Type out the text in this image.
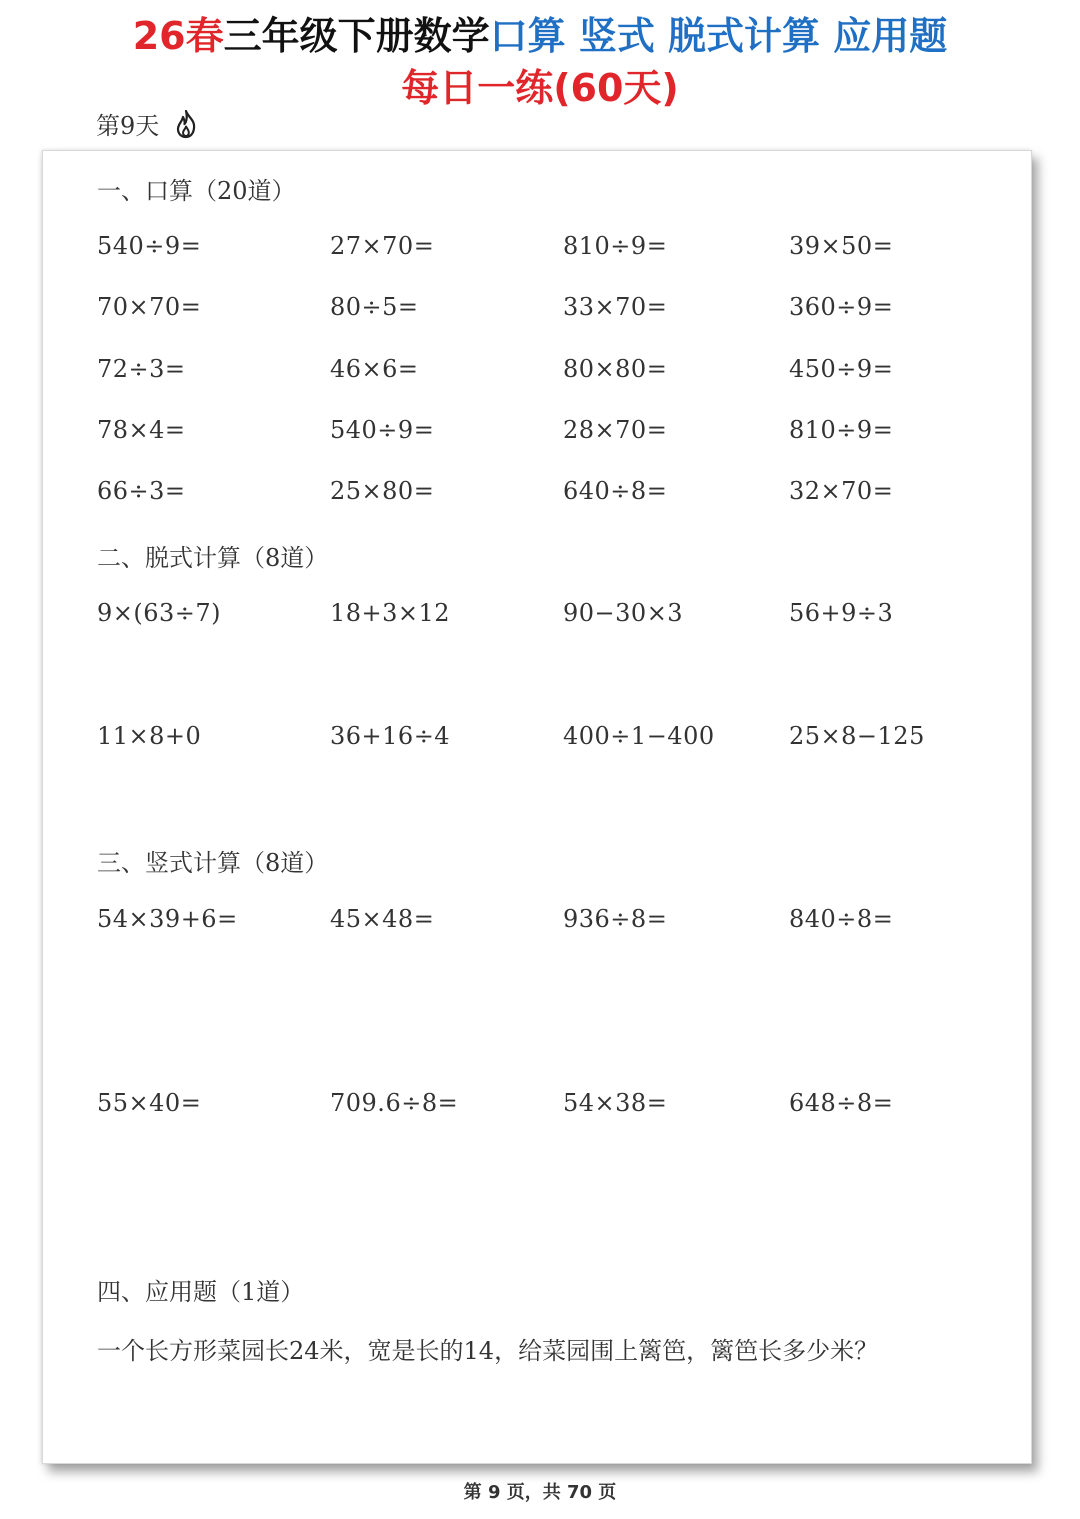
26春三年级下册数学口算 竖式 脱式计算 应用题
每日一练(60天)
第9天
一、口算（20道）
540÷9=	27×70=	810÷9=	39×50=
70×70=	80÷5=	33×70=	360÷9=
72÷3=	46×6=	80×80=	450÷9=
78×4=	540÷9=	28×70=	810÷9=
66÷3=	25×80=	640÷8=	32×70=
二、脱式计算（8道）
9×(63÷7)	18+3×12	90−30×3	56+9÷3
11×8+0	36+16÷4	400÷1−400	25×8−125
三、竖式计算（8道）
54×39+6=	45×48=	936÷8=	840÷8=
55×40=	709.6÷8=	54×38=	648÷8=
四、应用题（1道）
一个长方形菜园长24米，宽是长的14，给菜园围上篱笆，篱笆长多少米？
第 9 页，共 70 页
